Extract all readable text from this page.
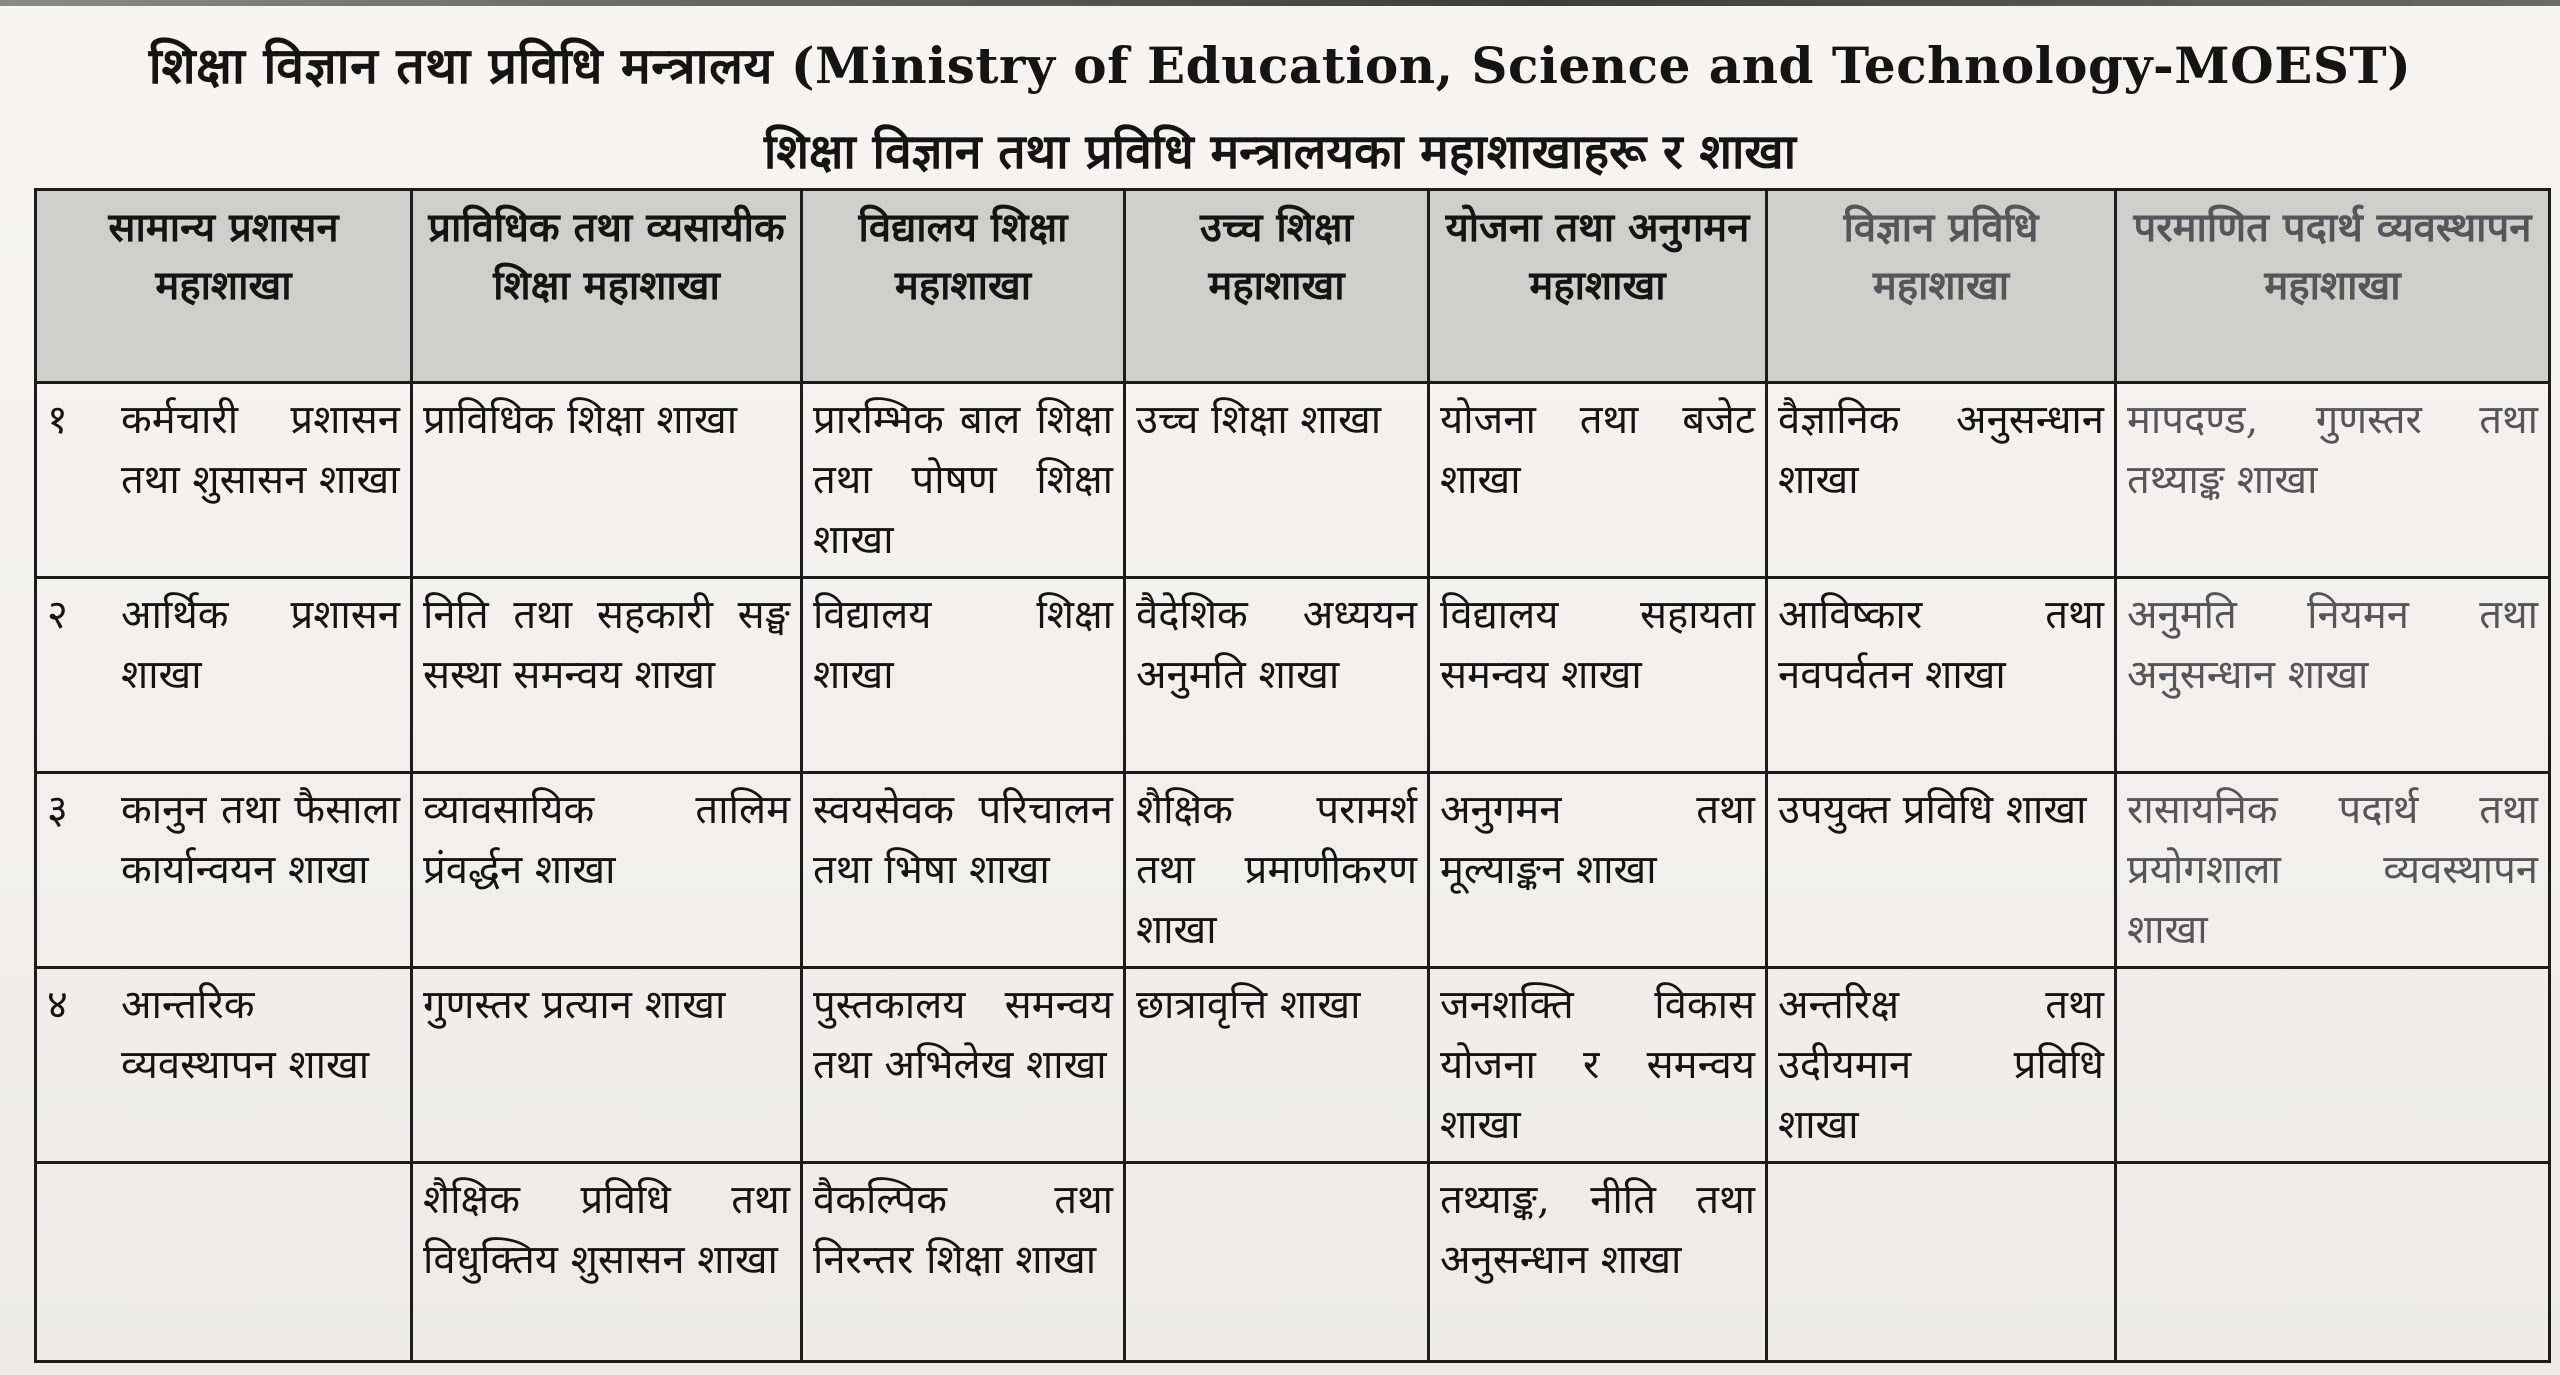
शिक्षा विज्ञान तथा प्रविधि मन्त्रालय (Ministry of Education, Science and Technology-MOEST)
शिक्षा विज्ञान तथा प्रविधि मन्त्रालयका महाशाखाहरू र शाखा
सामान्य प्रशासन महाशाखा	प्राविधिक तथा व्यसायीक शिक्षा महाशाखा	विद्यालय शिक्षा महाशाखा	उच्च शिक्षा महाशाखा	योजना तथा अनुगमन महाशाखा	विज्ञान प्रविधि महाशाखा	परमाणित पदार्थ व्यवस्थापन महाशाखा

१ कर्मचारी प्रशासन तथा शुसासन शाखा	प्राविधिक शिक्षा शाखा	प्रारम्भिक बाल शिक्षा तथा पोषण शिक्षा शाखा	उच्च शिक्षा शाखा	योजना तथा बजेट शाखा	वैज्ञानिक अनुसन्धान शाखा	मापदण्ड, गुणस्तर तथा तथ्याङ्क शाखा

२ आर्थिक प्रशासन शाखा	निति तथा सहकारी सङ्घ सस्था समन्वय शाखा	विद्यालय शिक्षा शाखा	वैदेशिक अध्ययन अनुमति शाखा	विद्यालय सहायता समन्वय शाखा	आविष्कार तथा नवपर्वतन शाखा	अनुमति नियमन तथा अनुसन्धान शाखा

३ कानुन तथा फैसाला कार्यान्वयन शाखा	व्यावसायिक तालिम प्रंवर्द्धन शाखा	स्वयसेवक परिचालन तथा भिषा शाखा	शैक्षिक परामर्श तथा प्रमाणीकरण शाखा	अनुगमन तथा मूल्याङ्कन शाखा	उपयुक्त प्रविधि शाखा	रासायनिक पदार्थ तथा प्रयोगशाला व्यवस्थापन शाखा

४ आन्तरिक व्यवस्थापन शाखा	गुणस्तर प्रत्यान शाखा	पुस्तकालय समन्वय तथा अभिलेख शाखा	छात्रावृत्ति शाखा	जनशक्ति विकास योजना र समन्वय शाखा	अन्तरिक्ष तथा उदीयमान प्रविधि शाखा	
	शैक्षिक प्रविधि तथा विधुक्तिय शुसासन शाखा	वैकल्पिक तथा निरन्तर शिक्षा शाखा		तथ्याङ्क, नीति तथा अनुसन्धान शाखा		
